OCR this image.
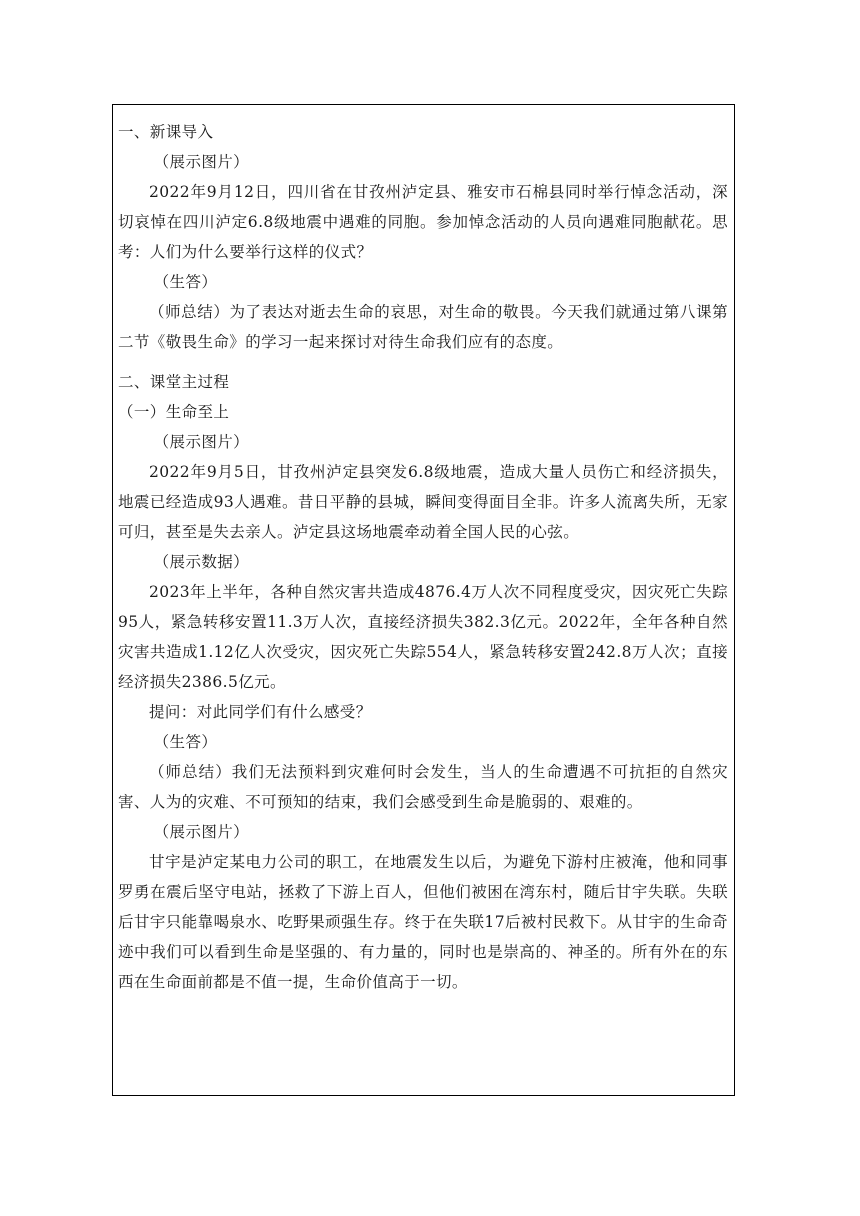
一、新课导入

（展示图片）

2022年9月12日，四川省在甘孜州泸定县、雅安市石棉县同时举行悼念活动，深切哀悼在四川泸定6.8级地震中遇难的同胞。参加悼念活动的人员向遇难同胞献花。思考：人们为什么要举行这样的仪式？

（生答）

（师总结）为了表达对逝去生命的哀思，对生命的敬畏。今天我们就通过第八课第二节《敬畏生命》的学习一起来探讨对待生命我们应有的态度。

二、课堂主过程

（一）生命至上

（展示图片）

2022年9月5日，甘孜州泸定县突发6.8级地震，造成大量人员伤亡和经济损失，地震已经造成93人遇难。昔日平静的县城，瞬间变得面目全非。许多人流离失所，无家可归，甚至是失去亲人。泸定县这场地震牵动着全国人民的心弦。

（展示数据）

2023年上半年，各种自然灾害共造成4876.4万人次不同程度受灾，因灾死亡失踪95人，紧急转移安置11.3万人次，直接经济损失382.3亿元。2022年，全年各种自然灾害共造成1.12亿人次受灾，因灾死亡失踪554人，紧急转移安置242.8万人次；直接经济损失2386.5亿元。

提问：对此同学们有什么感受？

（生答）

（师总结）我们无法预料到灾难何时会发生，当人的生命遭遇不可抗拒的自然灾害、人为的灾难、不可预知的结束，我们会感受到生命是脆弱的、艰难的。

（展示图片）

甘宇是泸定某电力公司的职工，在地震发生以后，为避免下游村庄被淹，他和同事罗勇在震后坚守电站，拯救了下游上百人，但他们被困在湾东村，随后甘宇失联。失联后甘宇只能靠喝泉水、吃野果顽强生存。终于在失联17后被村民救下。从甘宇的生命奇迹中我们可以看到生命是坚强的、有力量的，同时也是崇高的、神圣的。所有外在的东西在生命面前都是不值一提，生命价值高于一切。
